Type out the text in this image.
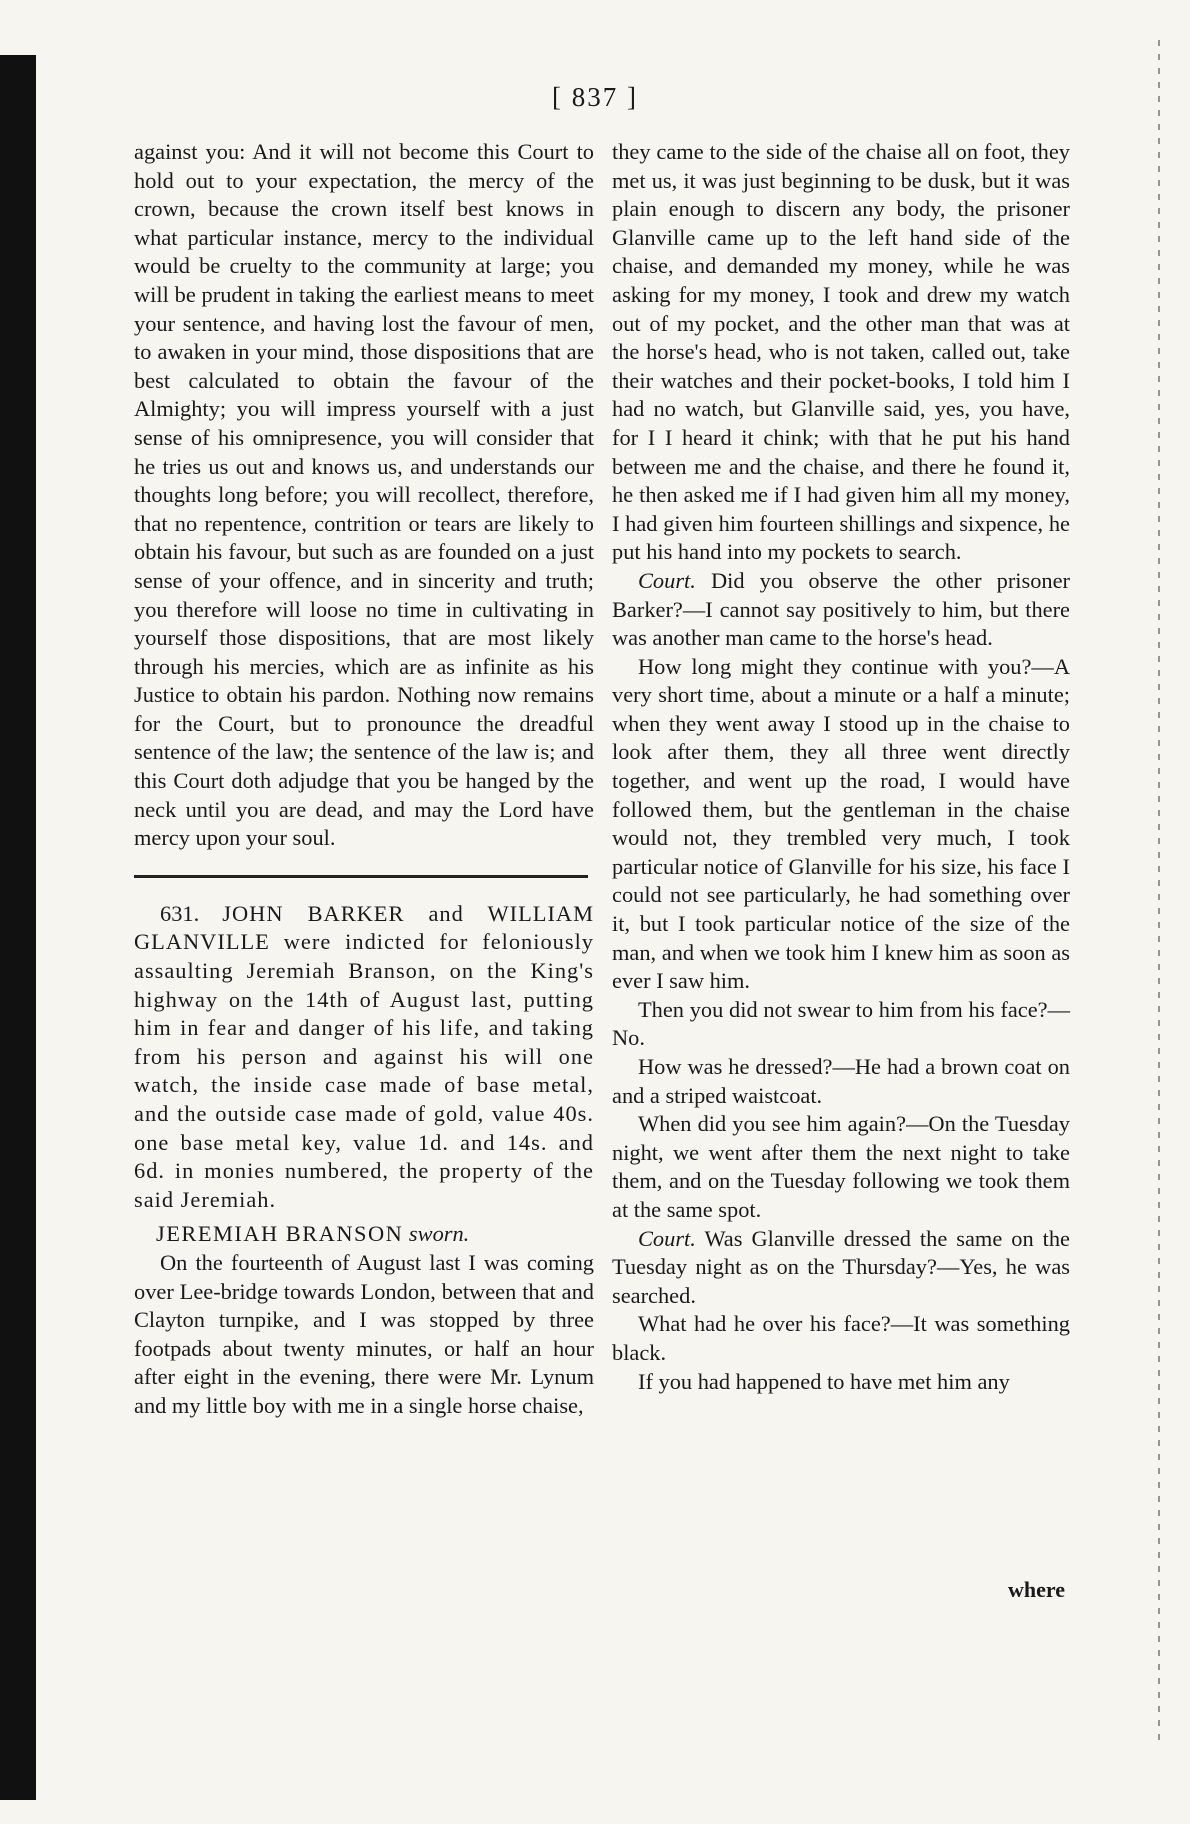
[ 837 ]

against you: And it will not become this Court to hold out to your expectation, the mercy of the crown, because the crown itself best knows in what particular instance, mercy to the individual would be cruelty to the community at large; you will be prudent in taking the earliest means to meet your sentence, and having lost the favour of men, to awaken in your mind, those dispositions that are best calculated to obtain the favour of the Almighty; you will impress yourself with a just sense of his omnipresence, you will consider that he tries us out and knows us, and understands our thoughts long before; you will recollect, therefore, that no repentence, contrition or tears are likely to obtain his favour, but such as are founded on a just sense of your offence, and in sincerity and truth; you therefore will loose no time in cultivating in yourself those dispositions, that are most likely through his mercies, which are as infinite as his Justice to obtain his pardon. Nothing now remains for the Court, but to pronounce the dreadful sentence of the law; the sentence of the law is; and this Court doth adjudge that you be hanged by the neck until you are dead, and may the Lord have mercy upon your soul.

631. JOHN BARKER and WILLIAM GLANVILLE were indicted for feloniously assaulting Jeremiah Branson, on the King's highway on the 14th of August last, putting him in fear and danger of his life, and taking from his person and against his will one watch, the inside case made of base metal, and the outside case made of gold, value 40s. one base metal key, value 1d. and 14s. and 6d. in monies numbered, the property of the said Jeremiah.

JEREMIAH BRANSON sworn.

On the fourteenth of August last I was coming over Lee-bridge towards London, between that and Clayton turnpike, and I was stopped by three footpads about twenty minutes, or half an hour after eight in the evening, there were Mr. Lynum and my little boy with me in a single horse chaise,

they came to the side of the chaise all on foot, they met us, it was just beginning to be dusk, but it was plain enough to discern any body, the prisoner Glanville came up to the left hand side of the chaise, and demanded my money, while he was asking for my money, I took and drew my watch out of my pocket, and the other man that was at the horse's head, who is not taken, called out, take their watches and their pocket-books, I told him I had no watch, but Glanville said, yes, you have, for I I heard it chink; with that he put his hand between me and the chaise, and there he found it, he then asked me if I had given him all my money, I had given him fourteen shillings and sixpence, he put his hand into my pockets to search.

Court. Did you observe the other prisoner Barker?—I cannot say positively to him, but there was another man came to the horse's head.

How long might they continue with you?—A very short time, about a minute or a half a minute; when they went away I stood up in the chaise to look after them, they all three went directly together, and went up the road, I would have followed them, but the gentleman in the chaise would not, they trembled very much, I took particular notice of Glanville for his size, his face I could not see particularly, he had something over it, but I took particular notice of the size of the man, and when we took him I knew him as soon as ever I saw him.

Then you did not swear to him from his face?—No.

How was he dressed?—He had a brown coat on and a striped waistcoat.

When did you see him again?—On the Tuesday night, we went after them the next night to take them, and on the Tuesday following we took them at the same spot.

Court. Was Glanville dressed the same on the Tuesday night as on the Thursday?—Yes, he was searched.

What had he over his face?—It was something black.

If you had happened to have met him any

where
